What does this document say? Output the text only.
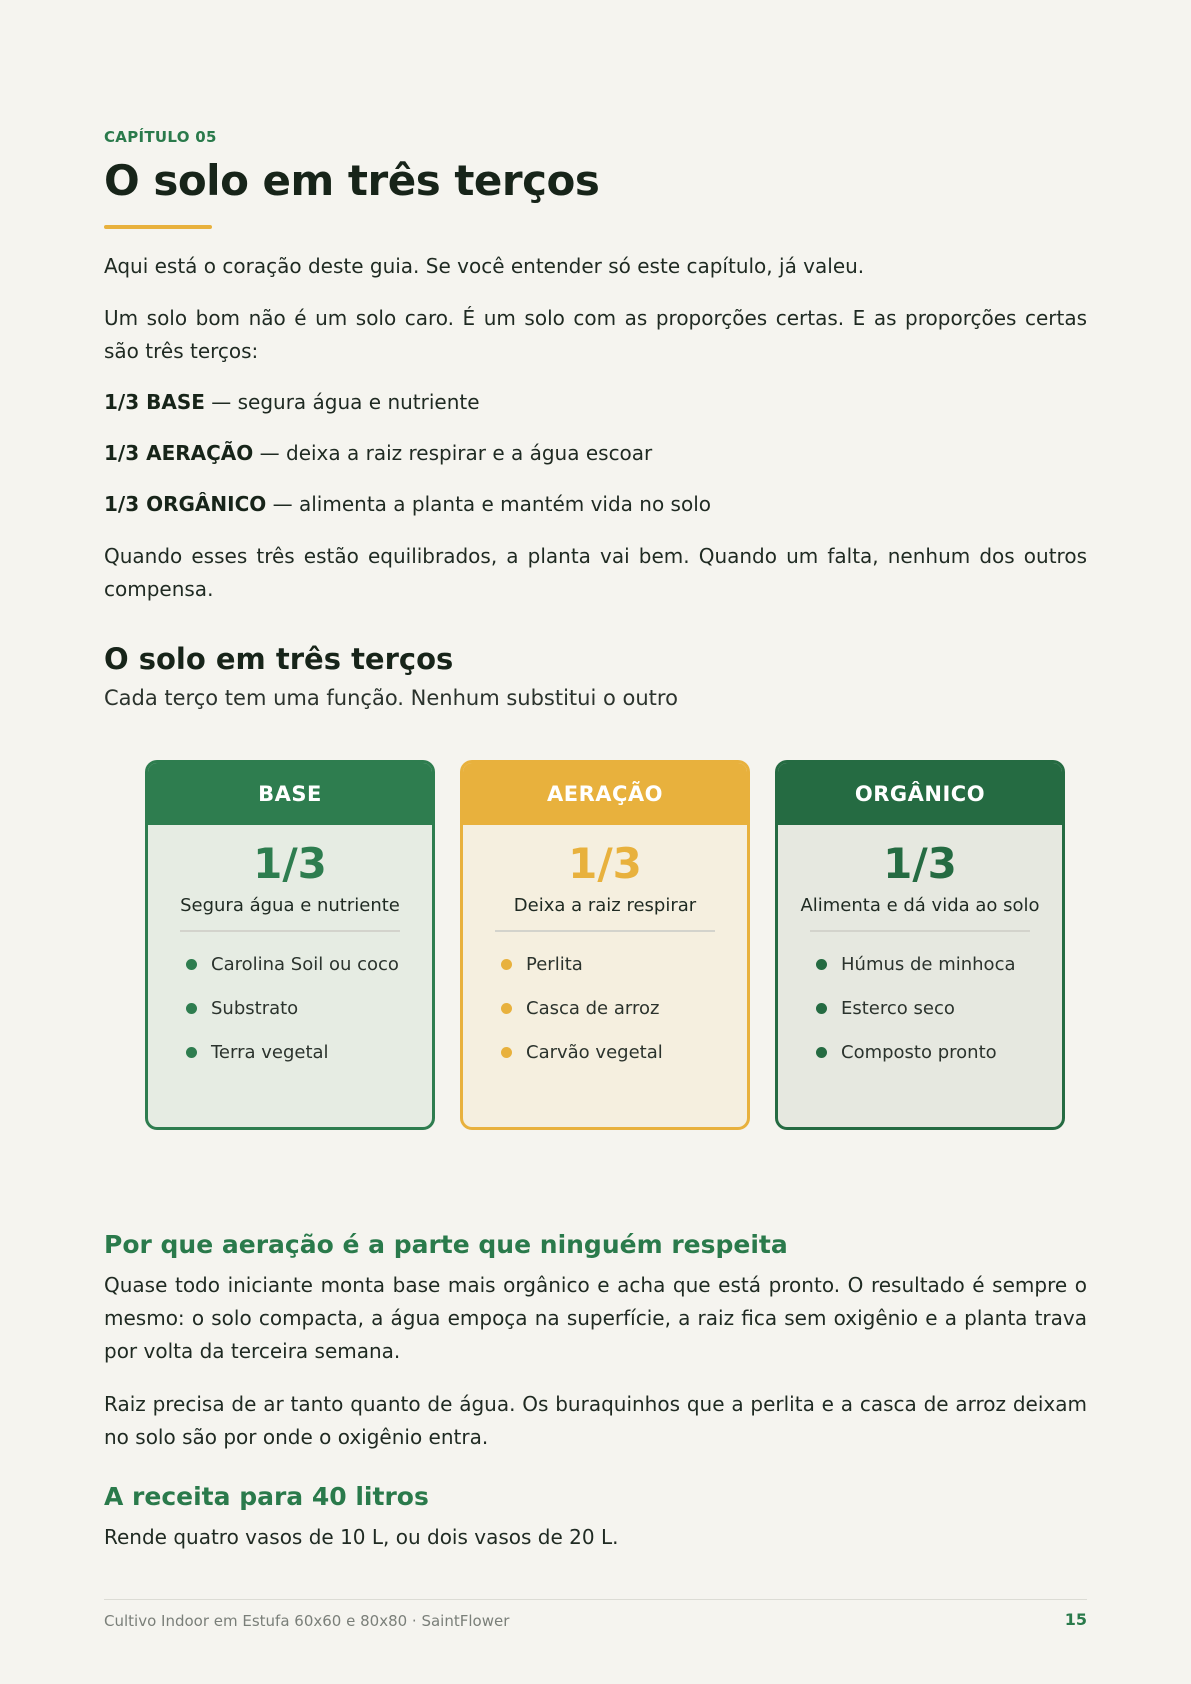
CAPÍTULO 05
O solo em três terços

Aqui está o coração deste guia. Se você entender só este capítulo, já valeu.

Um solo bom não é um solo caro. É um solo com as proporções certas. E as proporções certas são três terços:

1/3 BASE — segura água e nutriente

1/3 AERAÇÃO — deixa a raiz respirar e a água escoar

1/3 ORGÂNICO — alimenta a planta e mantém vida no solo

Quando esses três estão equilibrados, a planta vai bem. Quando um falta, nenhum dos outros compensa.

O solo em três terços

Cada terço tem uma função. Nenhum substitui o outro

BASE
1/3
Segura água e nutriente
Carolina Soil ou coco
Substrato
Terra vegetal
AERAÇÃO
1/3
Deixa a raiz respirar
Perlita
Casca de arroz
Carvão vegetal
ORGÂNICO
1/3
Alimenta e dá vida ao solo
Húmus de minhoca
Esterco seco
Composto pronto
Por que aeração é a parte que ninguém respeita

Quase todo iniciante monta base mais orgânico e acha que está pronto. O resultado é sempre o mesmo: o solo compacta, a água empoça na superfície, a raiz fica sem oxigênio e a planta trava por volta da terceira semana.

Raiz precisa de ar tanto quanto de água. Os buraquinhos que a perlita e a casca de arroz deixam no solo são por onde o oxigênio entra.

A receita para 40 litros

Rende quatro vasos de 10 L, ou dois vasos de 20 L.

Cultivo Indoor em Estufa 60x60 e 80x80 · SaintFlower	15
